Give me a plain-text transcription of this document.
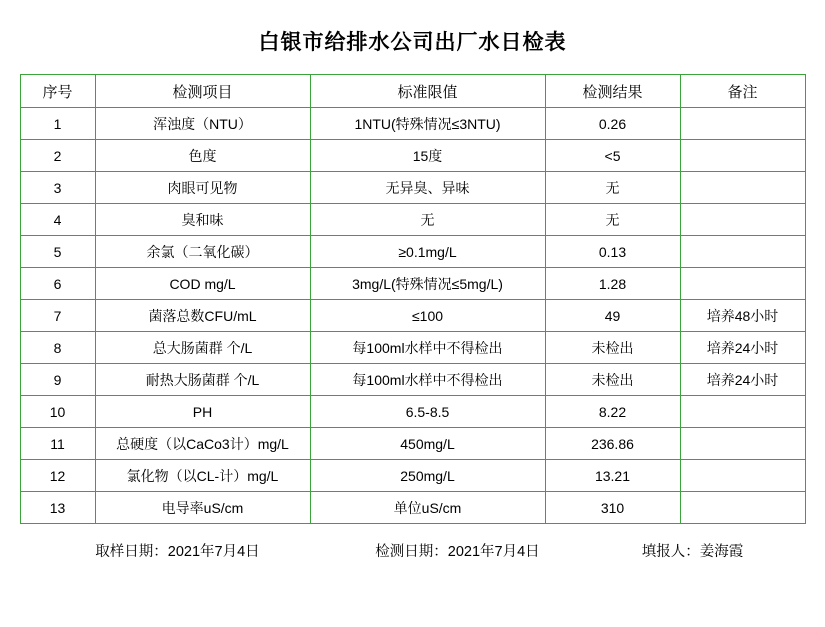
白银市给排水公司出厂水日检表
序号	检测项目	标准限值	检测结果	备注
1	浑浊度（NTU）	1NTU(特殊情况≤3NTU)	0.26	
2	色度	15度	<5	
3	肉眼可见物	无异臭、异味	无	
4	臭和味	无	无	
5	余氯（二氧化碳）	≥0.1mg/L	0.13	
6	COD mg/L	3mg/L(特殊情况≤5mg/L)	1.28	
7	菌落总数CFU/mL	≤100	49	培养48小时
8	总大肠菌群 个/L	每100ml水样中不得检出	未检出	培养24小时
9	耐热大肠菌群 个/L	每100ml水样中不得检出	未检出	培养24小时
10	PH	6.5-8.5	8.22	
11	总硬度（以CaCo3计）mg/L	450mg/L	236.86	
12	氯化物（以CL-计）mg/L	250mg/L	13.21	
13	电导率uS/cm	单位uS/cm	310	
取样日期：2021年7月4日	检测日期：2021年7月4日	填报人：姜海霞
